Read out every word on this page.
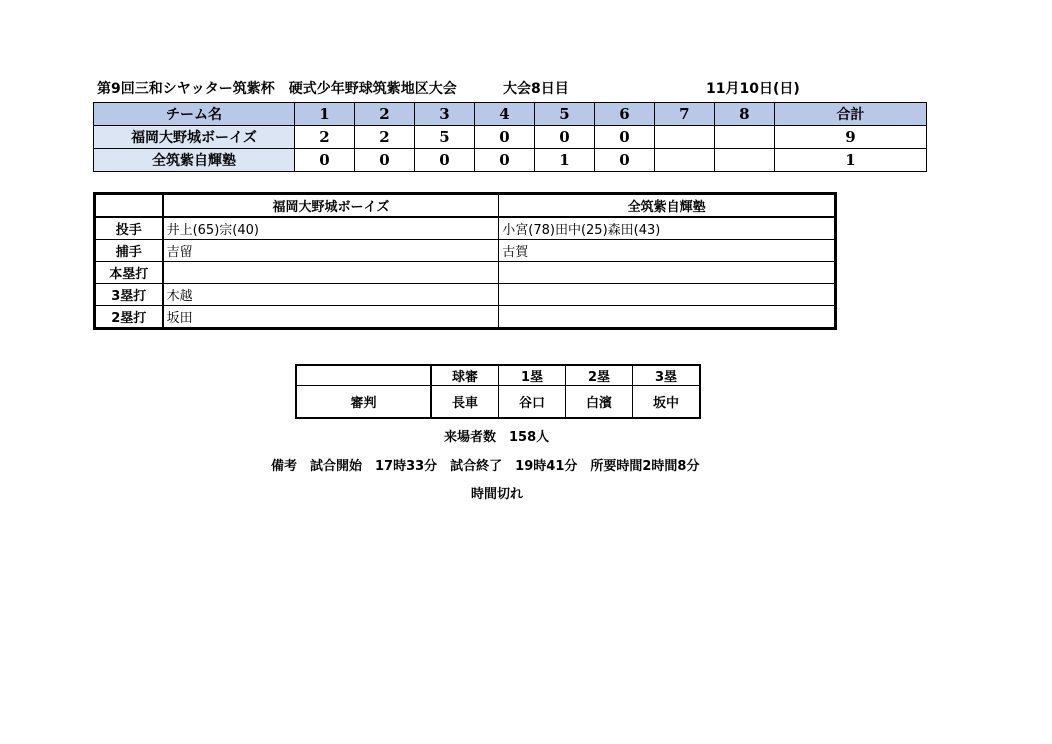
第9回三和シヤッター筑紫杯　硬式少年野球筑紫地区大会	大会8日目	11月10日(日)
チーム名	1	2	3	4	5	6	7	8	合計
福岡大野城ボーイズ	2	2	5	0	0	0			9
全筑紫自輝塾	0	0	0	0	1	0			1
	福岡大野城ボーイズ	全筑紫自輝塾
投手	井上(65)宗(40)	小宮(78)田中(25)森田(43)
捕手	吉留	古賀
本塁打		
3塁打	木越	
2塁打	坂田	
	球審	1塁	2塁	3塁
審判	長車	谷口	白濱	坂中
来場者数　158人
備考　試合開始　17時33分　試合終了　19時41分　所要時間2時間8分
時間切れ
